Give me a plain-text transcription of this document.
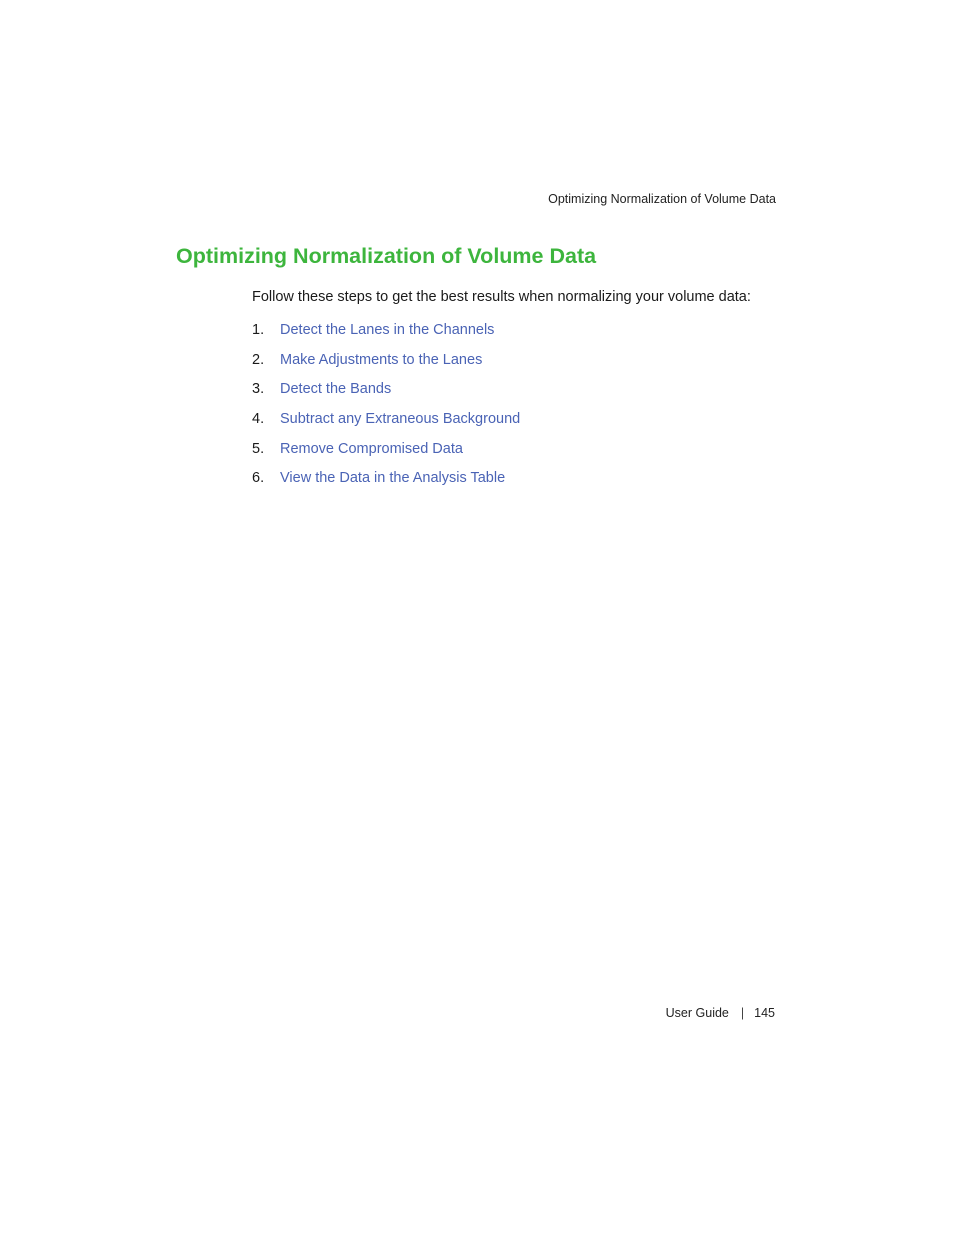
Optimizing Normalization of Volume Data
Optimizing Normalization of Volume Data

Follow these steps to get the best results when normalizing your volume data:

1. Detect the Lanes in the Channels
2. Make Adjustments to the Lanes
3. Detect the Bands
4. Subtract any Extraneous Background
5. Remove Compromised Data
6. View the Data in the Analysis Table
User Guide | 145
